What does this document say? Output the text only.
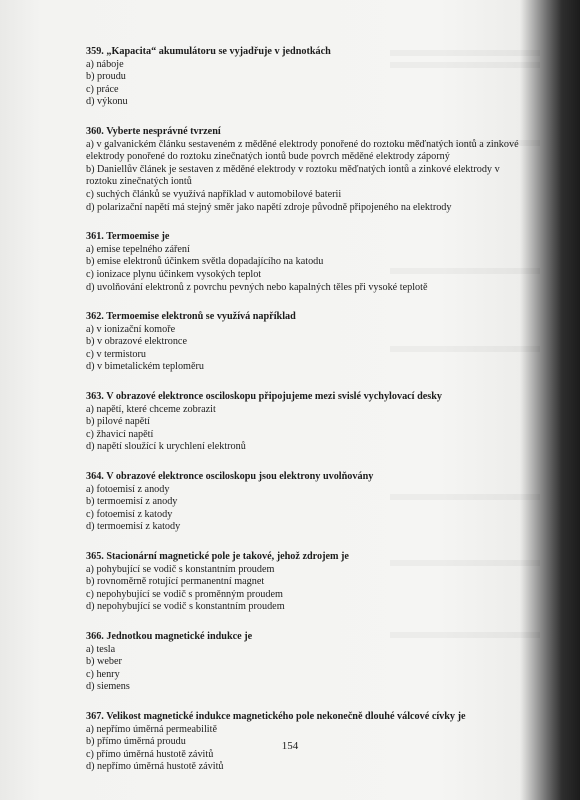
359. „Kapacita“ akumulátoru se vyjadřuje v jednotkách

a) náboje

b) proudu

c) práce

d) výkonu

360. Vyberte nesprávné tvrzení

a) v galvanickém článku sestaveném z měděné elektrody ponořené do roztoku měďnatých iontů a zinkové elektrody ponořené do roztoku zinečnatých iontů bude povrch měděné elektrody záporný

b) Daniellův článek je sestaven z měděné elektrody v roztoku měďnatých iontů a zinkové elektrody v roztoku zinečnatých iontů

c) suchých článků se využívá například v automobilové baterii

d) polarizační napětí má stejný směr jako napětí zdroje původně připojeného na elektrody

361. Termoemise je

a) emise tepelného záření

b) emise elektronů účinkem světla dopadajícího na katodu

c) ionizace plynu účinkem vysokých teplot

d) uvolňování elektronů z povrchu pevných nebo kapalných těles při vysoké teplotě

362. Termoemise elektronů se využívá například

a) v ionizační komoře

b) v obrazové elektronce

c) v termistoru

d) v bimetalickém teploměru

363. V obrazové elektronce osciloskopu připojujeme mezi svislé vychylovací desky

a) napětí, které chceme zobrazit

b) pilové napětí

c) žhavicí napětí

d) napětí sloužící k urychlení elektronů

364. V obrazové elektronce osciloskopu jsou elektrony uvolňovány

a) fotoemisí z anody

b) termoemisí z anody

c) fotoemisí z katody

d) termoemisí z katody

365. Stacionární magnetické pole je takové, jehož zdrojem je

a) pohybující se vodič s konstantním proudem

b) rovnoměrně rotující permanentní magnet

c) nepohybující se vodič s proměnným proudem

d) nepohybující se vodič s konstantním proudem

366. Jednotkou magnetické indukce je

a) tesla

b) weber

c) henry

d) siemens

367. Velikost magnetické indukce magnetického pole nekonečně dlouhé válcové cívky je

a) nepřímo úměrná permeabilitě

b) přímo úměrná proudu

c) přímo úměrná hustotě závitů

d) nepřímo úměrná hustotě závitů

154
